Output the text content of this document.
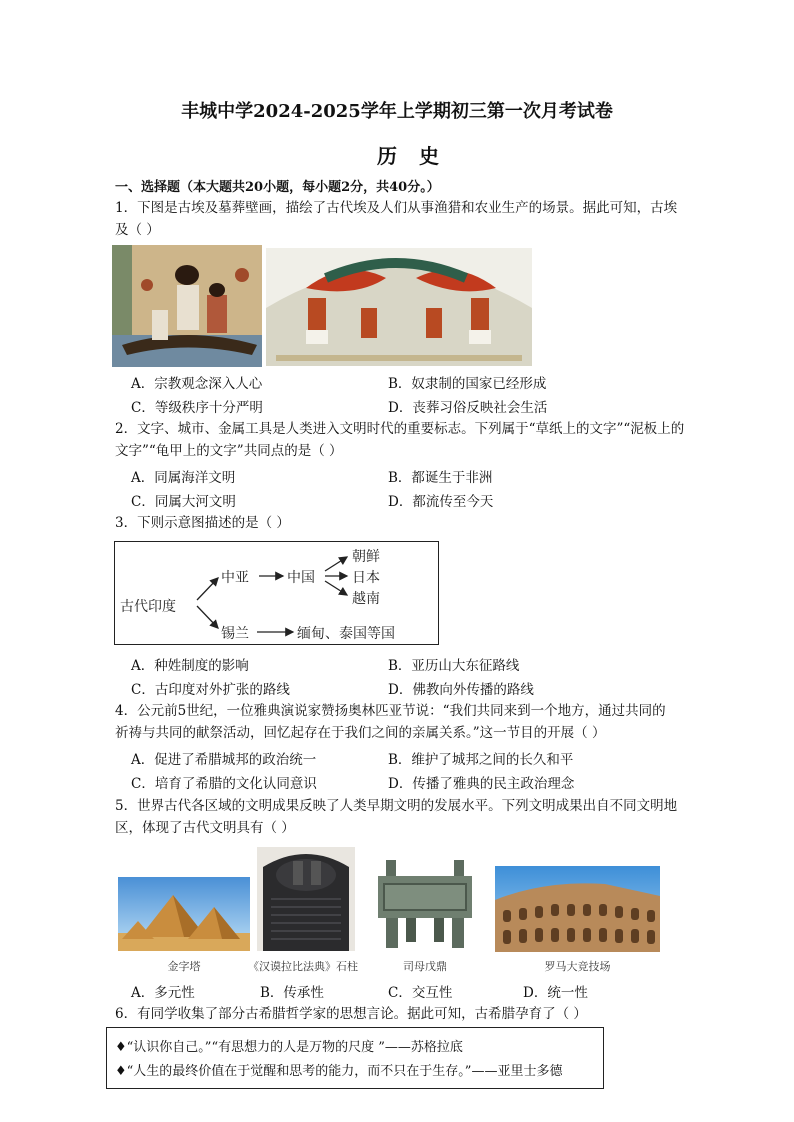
丰城中学2024-2025学年上学期初三第一次月考试卷
历史
一、选择题（本大题共20小题，每小题2分，共40分。）
1．下图是古埃及墓葬壁画，描绘了古代埃及人们从事渔猎和农业生产的场景。据此可知，古埃
及（ ）
A．宗教观念深入人心	B．奴隶制的国家已经形成
C．等级秩序十分严明	D．丧葬习俗反映社会生活
2．文字、城市、金属工具是人类进入文明时代的重要标志。下列属于“草纸上的文字”“泥板上的
文字”“龟甲上的文字”共同点的是（ ）
A．同属海洋文明	B．都诞生于非洲
C．同属大河文明	D．都流传至今天
3．下则示意图描述的是（ ）
古代印度
中亚	中国
朝鲜
日本
越南
锡兰	缅甸、泰国等国
A．种姓制度的影响	B．亚历山大东征路线
C．古印度对外扩张的路线	D．佛教向外传播的路线
4．公元前5世纪，一位雅典演说家赞扬奥林匹亚节说：“我们共同来到一个地方，通过共同的
祈祷与共同的献祭活动，回忆起存在于我们之间的亲属关系。”这一节目的开展（ ）
A．促进了希腊城邦的政治统一	B．维护了城邦之间的长久和平
C．培育了希腊的文化认同意识	D．传播了雅典的民主政治理念
5．世界古代各区域的文明成果反映了人类早期文明的发展水平。下列文明成果出自不同文明地
区，体现了古代文明具有（ ）
金字塔	《汉谟拉比法典》石柱	司母戊鼎	罗马大竞技场
A．多元性	B．传承性	C．交互性	D．统一性
6．有同学收集了部分古希腊哲学家的思想言论。据此可知，古希腊孕育了（ ）
♦“认识你自己。”“有思想力的人是万物的尺度 ”——苏格拉底
♦“人生的最终价值在于觉醒和思考的能力，而不只在于生存。”——亚里士多德
